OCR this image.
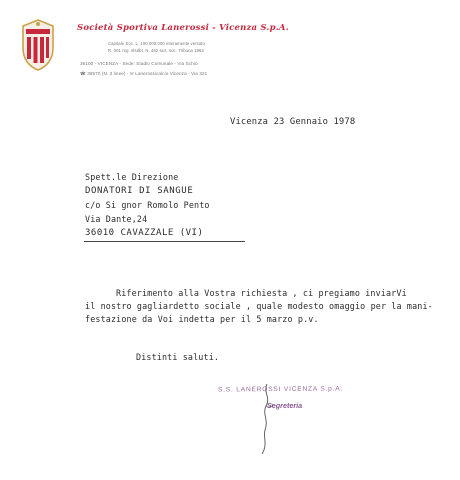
Società Sportiva Lanerossi - Vicenza S.p.A.
Capitale Soc. L. 100.000.000 interamente versato
R. 301 reg. sfsdbt. N. 462 sez. soc. Tribuna 1962
36100 - VICENZA - Sede: Stadio Comunale - Via Schio
☎ 38570 (N. 3 linee) - ✉ Lanerossicalcio Vicenza - Via 321
Vicenza 23 Gennaio 1978
Spett.le Direzione
DONATORI DI SANGUE
c/o Si gnor Romolo Pento
Via Dante,24
36010 CAVAZZALE (VI)
Riferimento alla Vostra richiesta , ci pregiamo inviarVi
il nostro gagliardetto sociale , quale modesto omaggio per la mani-
festazione da Voi indetta per il 5 marzo p.v.
Distinti saluti.
S.S. LANEROSSI VICENZA S.p.A.
Segreteria
